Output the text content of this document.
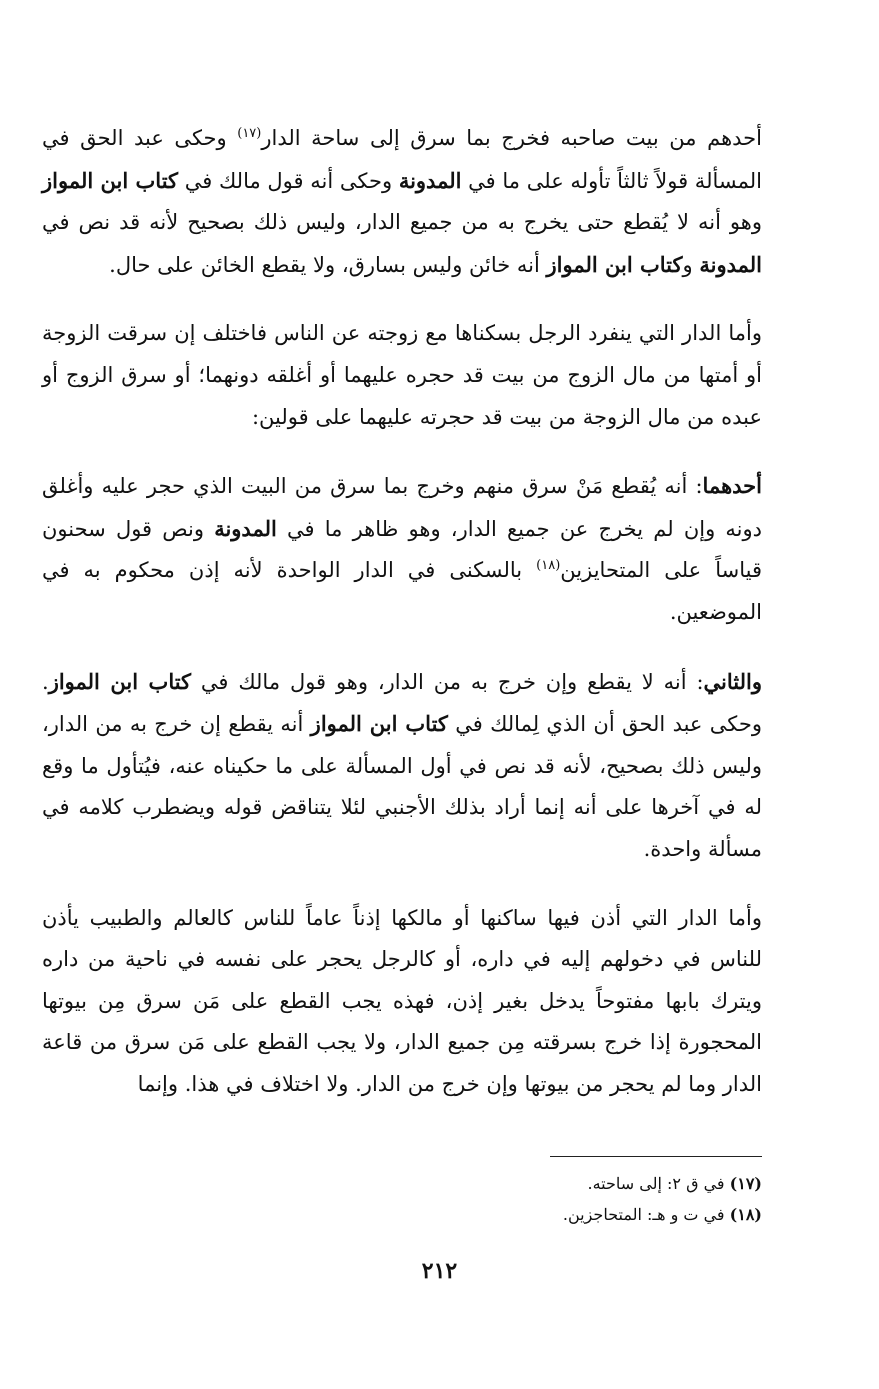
أحدهم من بيت صاحبه فخرج بما سرق إلى ساحة الدار$^{(١٧)}$ وحكى عبد الحق في المسألة قولاً ثالثاً تأوله على ما في المدونة وحكى أنه قول مالك في كتاب ابن المواز وهو أنه لا يُقطع حتى يخرج به من جميع الدار، وليس ذلك بصحيح لأنه قد نص في المدونة وكتاب ابن المواز أنه خائن وليس بسارق، ولا يقطع الخائن على حال.

وأما الدار التي ينفرد الرجل بسكناها مع زوجته عن الناس فاختلف إن سرقت الزوجة أو أمتها من مال الزوج من بيت قد حجره عليهما أو أغلقه دونهما؛ أو سرق الزوج أو عبده من مال الزوجة من بيت قد حجرته عليهما على قولين:

أحدهما: أنه يُقطع مَنْ سرق منهم وخرج بما سرق من البيت الذي حجر عليه وأغلق دونه وإن لم يخرج عن جميع الدار، وهو ظاهر ما في المدونة ونص قول سحنون قياساً على المتحايزين$^{(١٨)}$ بالسكنى في الدار الواحدة لأنه إذن محكوم به في الموضعين.

والثاني: أنه لا يقطع وإن خرج به من الدار، وهو قول مالك في كتاب ابن المواز. وحكى عبد الحق أن الذي لِمالك في كتاب ابن المواز أنه يقطع إن خرج به من الدار، وليس ذلك بصحيح، لأنه قد نص في أول المسألة على ما حكيناه عنه، فيُتأول ما وقع له في آخرها على أنه إنما أراد بذلك الأجنبي لئلا يتناقض قوله ويضطرب كلامه في مسألة واحدة.

وأما الدار التي أذن فيها ساكنها أو مالكها إذناً عاماً للناس كالعالم والطبيب يأذن للناس في دخولهم إليه في داره، أو كالرجل يحجر على نفسه في ناحية من داره ويترك بابها مفتوحاً يدخل بغير إذن، فهذه يجب القطع على مَن سرق مِن بيوتها المحجورة إذا خرج بسرقته مِن جميع الدار، ولا يجب القطع على مَن سرق من قاعة الدار وما لم يحجر من بيوتها وإن خرج من الدار. ولا اختلاف في هذا. وإنما

(١٧) في ق ٢: إلى ساحته.
(١٨) في ت و هـ: المتحاجزين.
٢١٢
